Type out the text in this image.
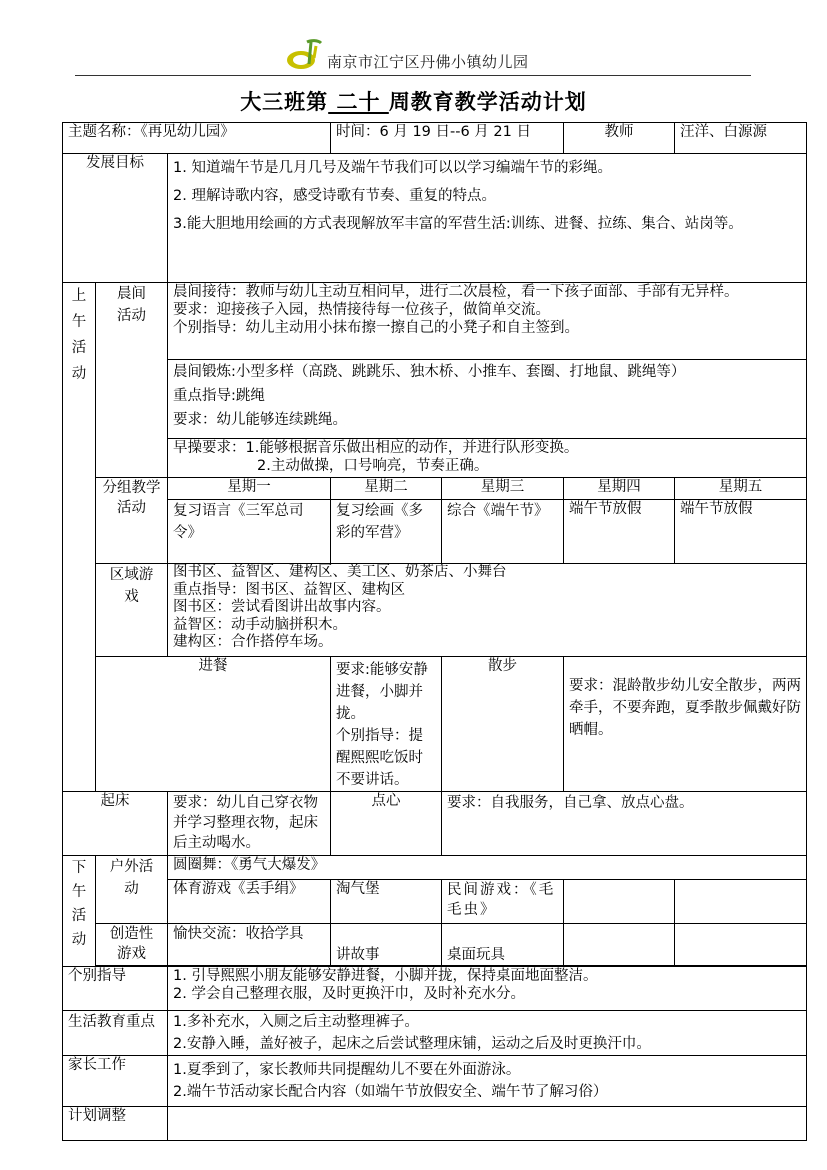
南京市江宁区丹佛小镇幼儿园
大三班第 二十 周教育教学活动计划
主题名称：《再见幼儿园》			时间：6 月 19 日--6 月 21 日		教师	汪洋、白源源
发展目标		1. 知道端午节是几月几号及端午节我们可以以学习编端午节的彩绳。
2. 理解诗歌内容，感受诗歌有节奏、重复的特点。
3.能大胆地用绘画的方式表现解放军丰富的军营生活:训练、进餐、拉练、集合、站岗等。				

上午活动	晨间活动	晨间接待：教师与幼儿主动互相问早，进行二次晨检，看一下孩子面部、手部有无异样。
要求：迎接孩子入园，热情接待每一位孩子，做简单交流。
个别指导：幼儿主动用小抹布擦一擦自己的小凳子和自主签到。				

		晨间锻炼:小型多样（高跷、跳跳乐、独木桥、小推车、套圈、打地鼠、跳绳等）
重点指导:跳绳
要求：幼儿能够连续跳绳。				

		早操要求：1.能够根据音乐做出相应的动作，并进行队形变换。
2.主动做操，口号响亮，节奏正确。				

	分组教学活动	星期一	星期二	星期三	星期四	星期五
		复习语言《三军总司令》	复习绘画《多彩的军营》	综合《端午节》	端午节放假	端午节放假
	区域游戏	图书区、益智区、建构区、美工区、奶茶店、小舞台
重点指导：图书区、益智区、建构区
图书区：尝试看图讲出故事内容。
益智区：动手动脑拼积木。
建构区：合作搭停车场。				

	进餐		要求:能够安静进餐，小脚并拢。
个别指导：提醒熙熙吃饭时不要讲话。	散步	要求：混龄散步幼儿安全散步，两两牵手，不要奔跑，夏季散步佩戴好防晒帽。	
起床		要求：幼儿自己穿衣物并学习整理衣物，起床后主动喝水。	点心	要求：自我服务，自己拿、放点心盘。		
下午活动	户外活动	圆圈舞：《勇气大爆发》				
		体育游戏《丢手绢》	淘气堡	民间游戏：《毛毛虫》		
	创造性游戏	愉快交流：收拾学具	讲故事	桌面玩具		

个别指导		1. 引导熙熙小朋友能够安静进餐，小脚并拢，保持桌面地面整洁。
2. 学会自己整理衣服，及时更换汗巾，及时补充水分。				

生活教育重点		1.多补充水，入厕之后主动整理裤子。
2.安静入睡，盖好被子，起床之后尝试整理床铺，运动之后及时更换汗巾。				

家长工作		1.夏季到了，家长教师共同提醒幼儿不要在外面游泳。
2.端午节活动家长配合内容（如端午节放假安全、端午节了解习俗）				

计划调整						
